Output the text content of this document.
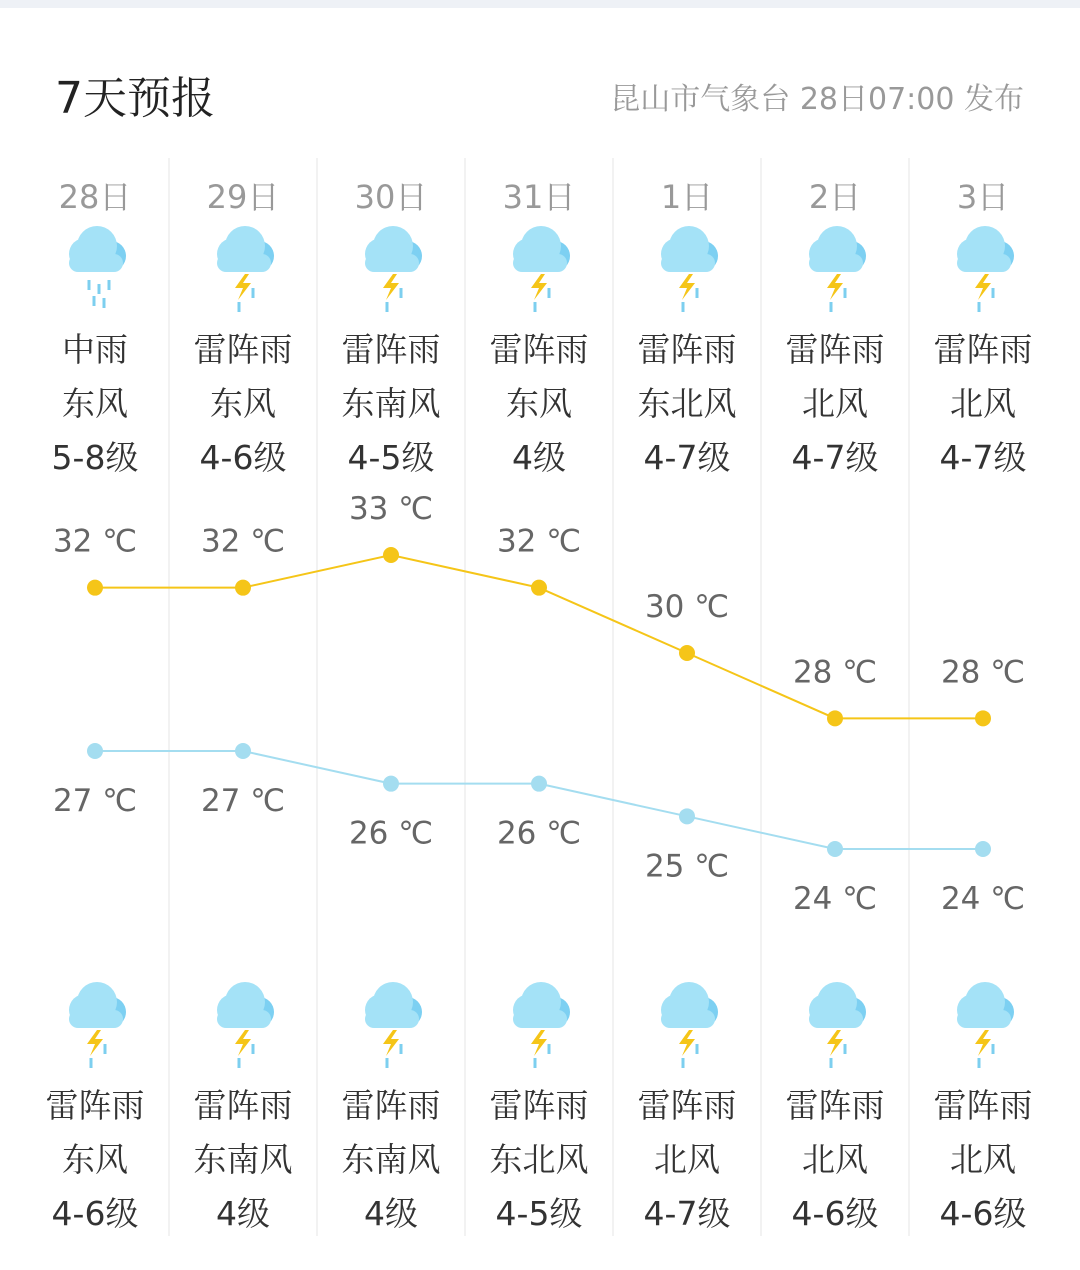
7天预报	昆山市气象台 28日07:00 发布
28日
中雨
东风
5-8级
雷阵雨
东风
4-6级
29日
雷阵雨
东风
4-6级
雷阵雨
东南风
4级
30日
雷阵雨
东南风
4-5级
雷阵雨
东南风
4级
31日
雷阵雨
东风
4级
雷阵雨
东北风
4-5级
1日
雷阵雨
东北风
4-7级
雷阵雨
北风
4-7级
2日
雷阵雨
北风
4-7级
雷阵雨
北风
4-6级
3日
雷阵雨
北风
4-7级
雷阵雨
北风
4-6级
32 ℃ 32 ℃
33 ℃
32 ℃
30 ℃
28 ℃ 28 ℃
27 ℃ 27 ℃
26 ℃ 26 ℃
25 ℃
24 ℃ 24 ℃
